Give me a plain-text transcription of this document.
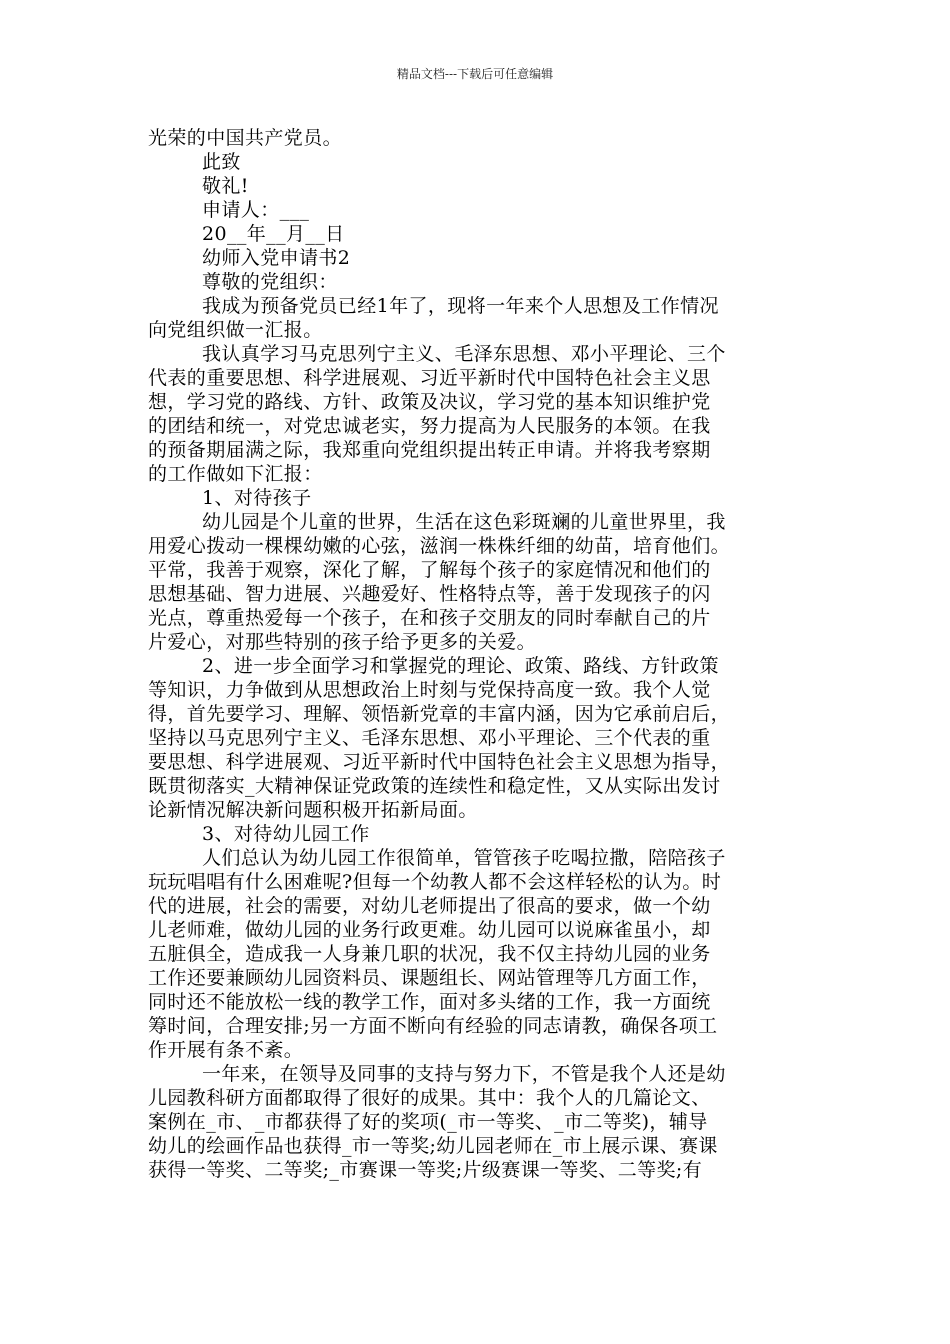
精品文档---下载后可任意编辑
光荣的中国共产党员。
此致
敬礼!
申请人：___
20__年__月__日
幼师入党申请书2
尊敬的党组织：
我成为预备党员已经1年了，现将一年来个人思想及工作情况
向党组织做一汇报。
我认真学习马克思列宁主义、毛泽东思想、邓小平理论、三个
代表的重要思想、科学进展观、习近平新时代中国特色社会主义思
想，学习党的路线、方针、政策及决议，学习党的基本知识维护党
的团结和统一，对党忠诚老实，努力提高为人民服务的本领。在我
的预备期届满之际，我郑重向党组织提出转正申请。并将我考察期
的工作做如下汇报：
1、对待孩子
幼儿园是个儿童的世界，生活在这色彩斑斓的儿童世界里，我
用爱心拨动一棵棵幼嫩的心弦，滋润一株株纤细的幼苗，培育他们。
平常，我善于观察，深化了解，了解每个孩子的家庭情况和他们的
思想基础、智力进展、兴趣爱好、性格特点等，善于发现孩子的闪
光点，尊重热爱每一个孩子，在和孩子交朋友的同时奉献自己的片
片爱心，对那些特别的孩子给予更多的关爱。
2、进一步全面学习和掌握党的理论、政策、路线、方针政策
等知识，力争做到从思想政治上时刻与党保持高度一致。我个人觉
得，首先要学习、理解、领悟新党章的丰富内涵，因为它承前启后，
坚持以马克思列宁主义、毛泽东思想、邓小平理论、三个代表的重
要思想、科学进展观、习近平新时代中国特色社会主义思想为指导，
既贯彻落实_大精神保证党政策的连续性和稳定性，又从实际出发讨
论新情况解决新问题积极开拓新局面。
3、对待幼儿园工作
人们总认为幼儿园工作很简单，管管孩子吃喝拉撒，陪陪孩子
玩玩唱唱有什么困难呢?但每一个幼教人都不会这样轻松的认为。时
代的进展，社会的需要，对幼儿老师提出了很高的要求，做一个幼
儿老师难，做幼儿园的业务行政更难。幼儿园可以说麻雀虽小，却
五脏俱全，造成我一人身兼几职的状况，我不仅主持幼儿园的业务
工作还要兼顾幼儿园资料员、课题组长、网站管理等几方面工作，
同时还不能放松一线的教学工作，面对多头绪的工作，我一方面统
筹时间，合理安排;另一方面不断向有经验的同志请教，确保各项工
作开展有条不紊。
一年来，在领导及同事的支持与努力下，不管是我个人还是幼
儿园教科研方面都取得了很好的成果。其中：我个人的几篇论文、
案例在_市、_市都获得了好的奖项(_市一等奖、_市二等奖)，辅导
幼儿的绘画作品也获得_市一等奖;幼儿园老师在_市上展示课、赛课
获得一等奖、二等奖;_市赛课一等奖;片级赛课一等奖、二等奖;有
